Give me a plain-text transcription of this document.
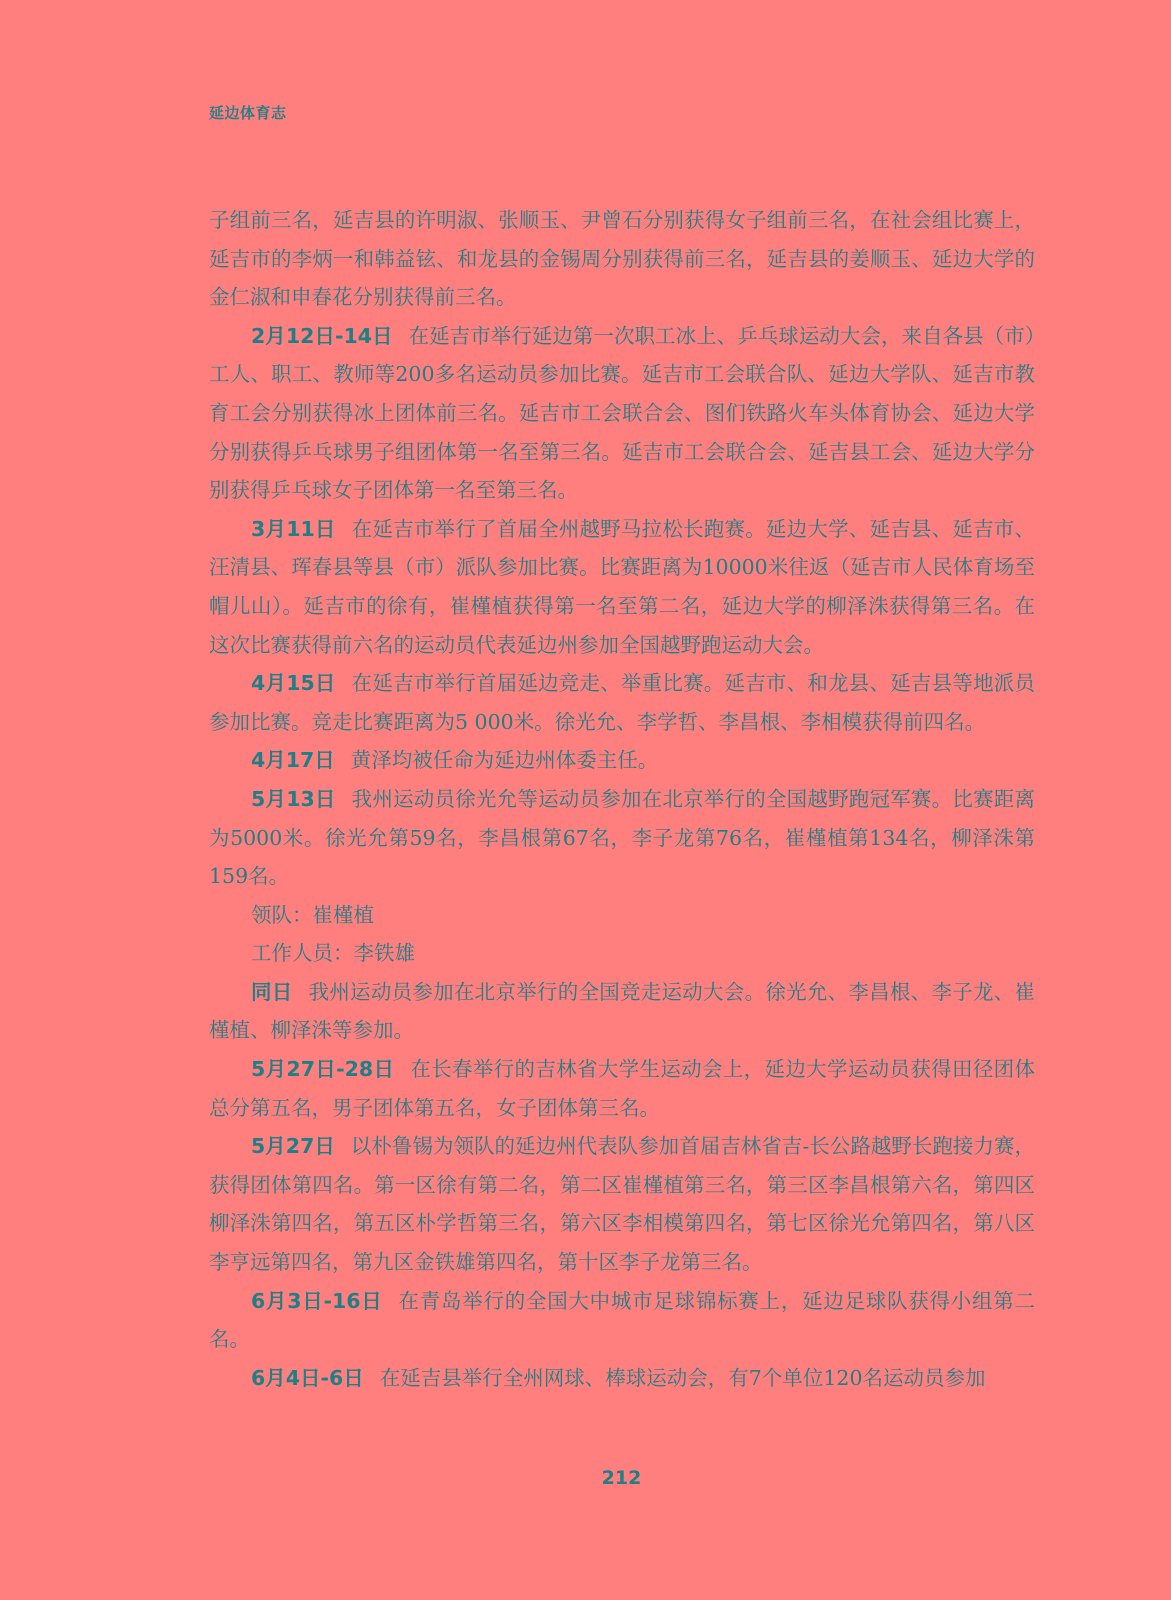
延边体育志

子组前三名，延吉县的许明淑、张顺玉、尹曾石分别获得女子组前三名，在社会组比赛上，延吉市的李炳一和韩益铉、和龙县的金锡周分别获得前三名，延吉县的姜顺玉、延边大学的金仁淑和申春花分别获得前三名。

2月12日-14日 在延吉市举行延边第一次职工冰上、乒乓球运动大会，来自各县（市）工人、职工、教师等200多名运动员参加比赛。延吉市工会联合队、延边大学队、延吉市教育工会分别获得冰上团体前三名。延吉市工会联合会、图们铁路火车头体育协会、延边大学分别获得乒乓球男子组团体第一名至第三名。延吉市工会联合会、延吉县工会、延边大学分别获得乒乓球女子团体第一名至第三名。

3月11日 在延吉市举行了首届全州越野马拉松长跑赛。延边大学、延吉县、延吉市、汪清县、珲春县等县（市）派队参加比赛。比赛距离为10000米往返（延吉市人民体育场至帽儿山）。延吉市的徐有，崔槿植获得第一名至第二名，延边大学的柳泽洙获得第三名。在这次比赛获得前六名的运动员代表延边州参加全国越野跑运动大会。

4月15日 在延吉市举行首届延边竞走、举重比赛。延吉市、和龙县、延吉县等地派员参加比赛。竞走比赛距离为5 000米。徐光允、李学哲、李昌根、李相模获得前四名。

4月17日 黄泽均被任命为延边州体委主任。

5月13日 我州运动员徐光允等运动员参加在北京举行的全国越野跑冠军赛。比赛距离为5000米。徐光允第59名，李昌根第67名，李子龙第76名，崔槿植第134名，柳泽洙第159名。

领队：崔槿植

工作人员：李铁雄

同日 我州运动员参加在北京举行的全国竞走运动大会。徐光允、李昌根、李子龙、崔槿植、柳泽洙等参加。

5月27日-28日 在长春举行的吉林省大学生运动会上，延边大学运动员获得田径团体总分第五名，男子团体第五名，女子团体第三名。

5月27日 以朴鲁锡为领队的延边州代表队参加首届吉林省吉-长公路越野长跑接力赛，获得团体第四名。第一区徐有第二名，第二区崔槿植第三名，第三区李昌根第六名，第四区柳泽洙第四名，第五区朴学哲第三名，第六区李相模第四名，第七区徐光允第四名，第八区李亨远第四名，第九区金铁雄第四名，第十区李子龙第三名。

6月3日-16日 在青岛举行的全国大中城市足球锦标赛上，延边足球队获得小组第二名。

6月4日-6日 在延吉县举行全州网球、棒球运动会，有7个单位120名运动员参加

212
